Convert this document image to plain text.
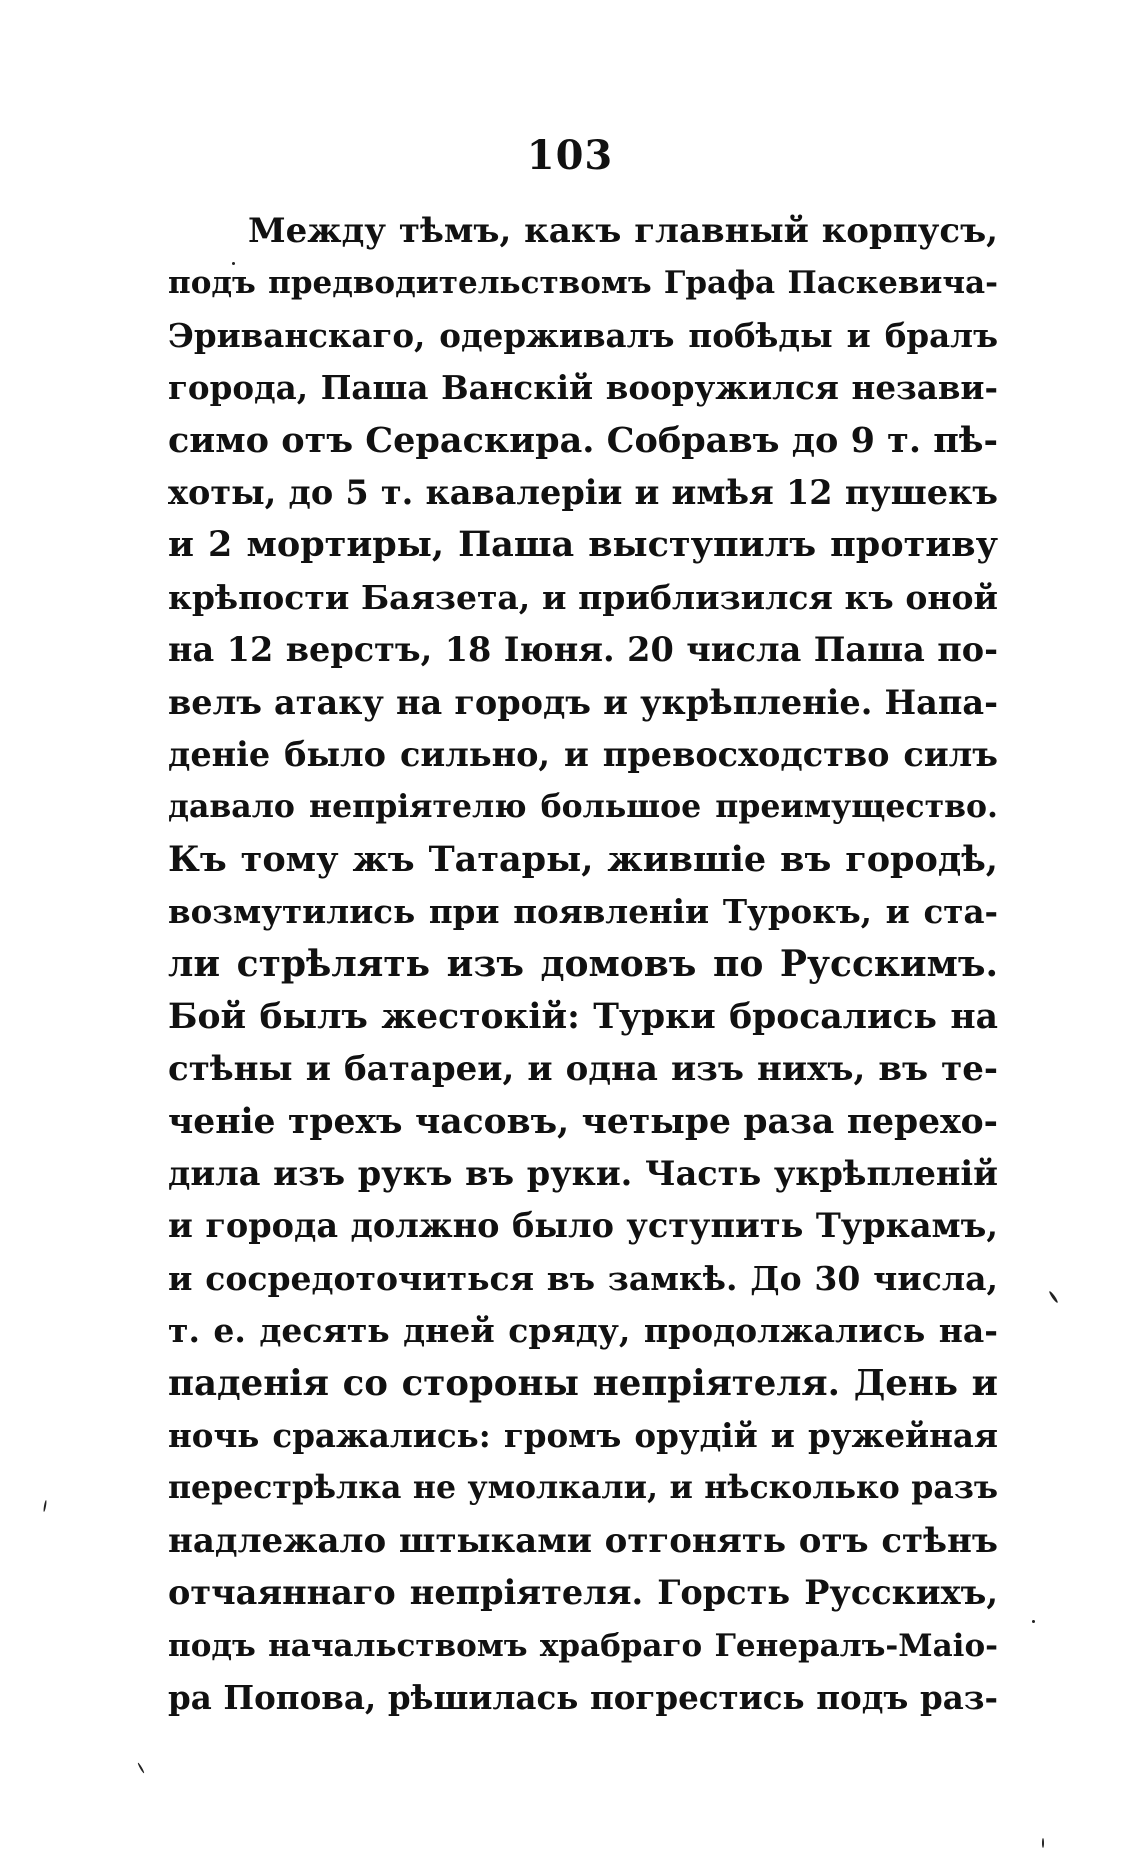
103
Между тѣмъ, какъ главный корпусъ,
подъ предводительствомъ Графа Паскевича-
Эриванскаго, одерживалъ побѣды и бралъ
города, Паша Ванскій вооружился незави-
симо отъ Сераскира. Собравъ до 9 т. пѣ-
хоты, до 5 т. кавалеріи и имѣя 12 пушекъ
и 2 мортиры, Паша выступилъ противу
крѣпости Баязета, и приблизился къ оной
на 12 верстъ, 18 Іюня. 20 числа Паша по-
велъ атаку на городъ и укрѣпленіе. Напа-
деніе было сильно, и превосходство силъ
давало непріятелю большое преимущество.
Къ тому жъ Татары, жившіе въ городѣ,
возмутились при появленіи Турокъ, и ста-
ли стрѣлять изъ домовъ по Русскимъ.
Бой былъ жестокій: Турки бросались на
стѣны и батареи, и одна изъ нихъ, въ те-
ченіе трехъ часовъ, четыре раза перехо-
дила изъ рукъ въ руки. Часть укрѣпленій
и города должно было уступить Туркамъ,
и сосредоточиться въ замкѣ. До 30 числа,
т. е. десять дней сряду, продолжались на-
паденія со стороны непріятеля. День и
ночь сражались: громъ орудій и ружейная
перестрѣлка не умолкали, и нѣсколько разъ
надлежало штыками отгонять отъ стѣнъ
отчаяннаго непріятеля. Горсть Русскихъ,
подъ начальствомъ храбраго Генералъ-Маіо-
ра Попова, рѣшилась погрестись подъ раз-
